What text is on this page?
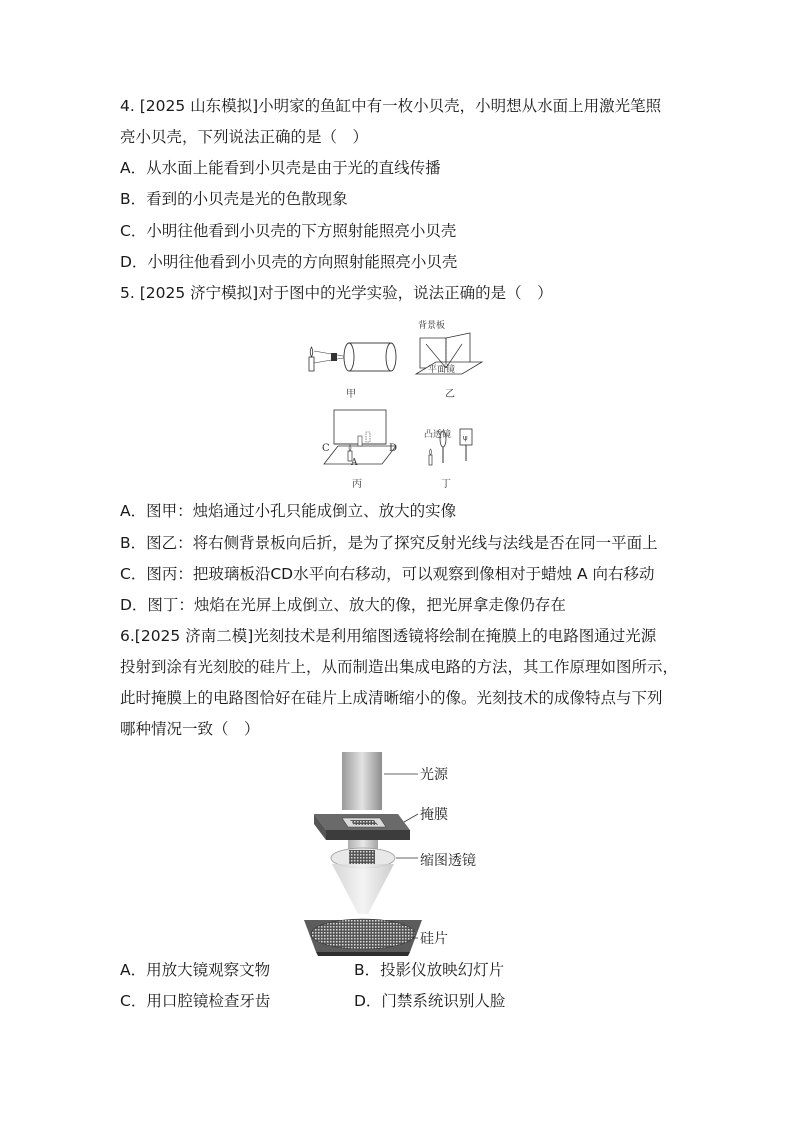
4. [2025 山东模拟]小明家的鱼缸中有一枚小贝壳，小明想从水面上用激光笔照
亮小贝壳，下列说法正确的是（　）
A．从水面上能看到小贝壳是由于光的直线传播
B．看到的小贝壳是光的色散现象
C．小明往他看到小贝壳的下方照射能照亮小贝壳
D．小明往他看到小贝壳的方向照射能照亮小贝壳
5. [2025 济宁模拟]对于图中的光学实验，说法正确的是（　）
甲
背景板
平面镜
乙
C	D
A
丙
ψ
凸透镜
丁
A．图甲：烛焰通过小孔只能成倒立、放大的实像
B．图乙：将右侧背景板向后折，是为了探究反射光线与法线是否在同一平面上
C．图丙：把玻璃板沿CD水平向右移动，可以观察到像相对于蜡烛 A 向右移动
D．图丁：烛焰在光屏上成倒立、放大的像，把光屏拿走像仍存在
6.[2025 济南二模]光刻技术是利用缩图透镜将绘制在掩膜上的电路图通过光源
投射到涂有光刻胶的硅片上，从而制造出集成电路的方法，其工作原理如图所示，
此时掩膜上的电路图恰好在硅片上成清晰缩小的像。光刻技术的成像特点与下列
哪种情况一致（　）
光源
掩膜
缩图透镜
硅片
A．用放大镜观察文物	B．投影仪放映幻灯片
C．用口腔镜检查牙齿	D．门禁系统识别人脸
